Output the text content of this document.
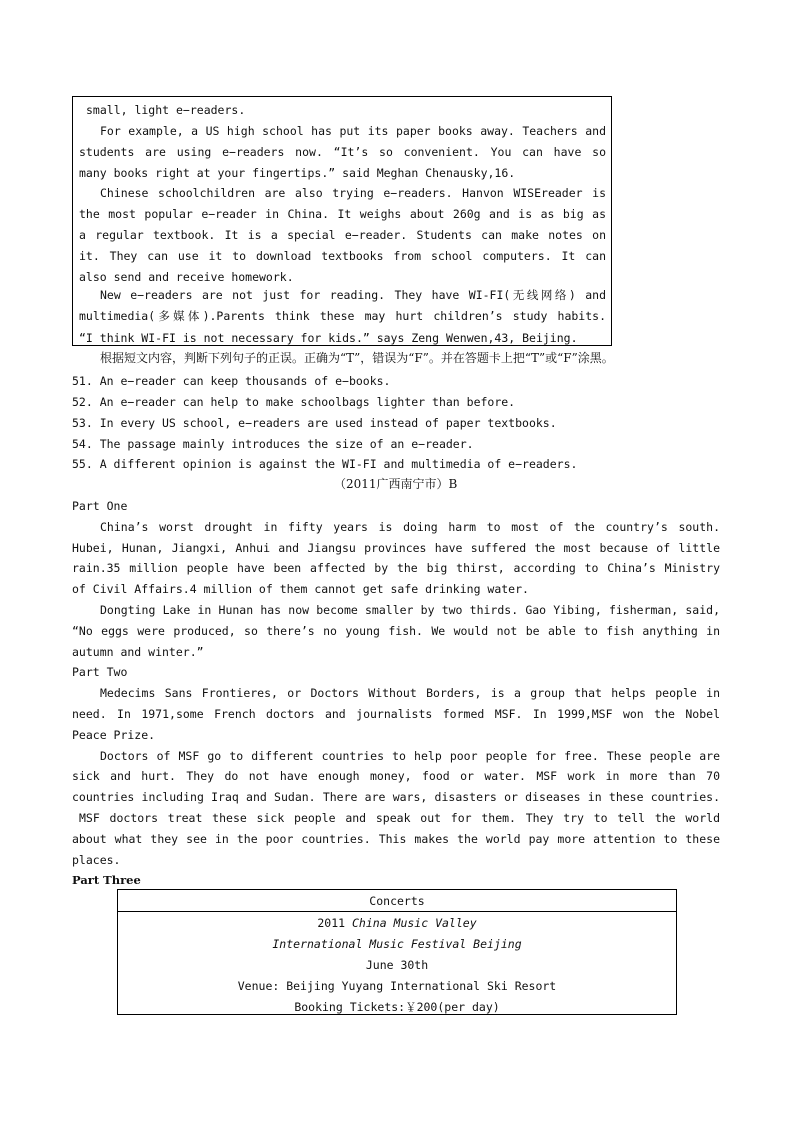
small, light e−readers.
For example, a US high school has put its paper books away. Teachers and
students are using e−readers now. “It’s so convenient. You can have so
many books right at your fingertips.” said Meghan Chenausky,16.
Chinese schoolchildren are also trying e−readers. Hanvon WISEreader is
the most popular e−reader in China. It weighs about 260g and is as big as
a regular textbook. It is a special e−reader. Students can make notes on
it. They can use it to download textbooks from school computers. It can
also send and receive homework.
New e−readers are not just for reading. They have WI-FI(无线网络) and
multimedia(多媒体).Parents think these may hurt children’s study habits.
“I think WI-FI is not necessary for kids.” says Zeng Wenwen,43, Beijing.
根据短文内容，判断下列句子的正误。正确为“T”，错误为“F”。并在答题卡上把“T”或“F”涂黑。
51. An e−reader can keep thousands of e−books.
52. An e−reader can help to make schoolbags lighter than before.
53. In every US school, e−readers are used instead of paper textbooks.
54. The passage mainly introduces the size of an e−reader.
55. A different opinion is against the WI-FI and multimedia of e−readers.
（2011广西南宁市）B
Part One
China’s worst drought in fifty years is doing harm to most of the country’s south.
Hubei, Hunan, Jiangxi, Anhui and Jiangsu provinces have suffered the most because of little
rain.35 million people have been affected by the big thirst, according to China’s Ministry
of Civil Affairs.4 million of them cannot get safe drinking water.
Dongting Lake in Hunan has now become smaller by two thirds. Gao Yibing, fisherman, said,
“No eggs were produced, so there’s no young fish. We would not be able to fish anything in
autumn and winter.”
Part Two
Medecims Sans Frontieres, or Doctors Without Borders, is a group that helps people in
need. In 1971,some French doctors and journalists formed MSF. In 1999,MSF won the Nobel
Peace Prize.
Doctors of MSF go to different countries to help poor people for free. These people are
sick and hurt. They do not have enough money, food or water. MSF work in more than 70
countries including Iraq and Sudan. There are wars, disasters or diseases in these countries.
MSF doctors treat these sick people and speak out for them. They try to tell the world
about what they see in the poor countries. This makes the world pay more attention to these
places.
Part Three
Concerts
2011 China Music Valley
International Music Festival Beijing
June 30th
Venue: Beijing Yuyang International Ski Resort
Booking Tickets:￥200(per day)
